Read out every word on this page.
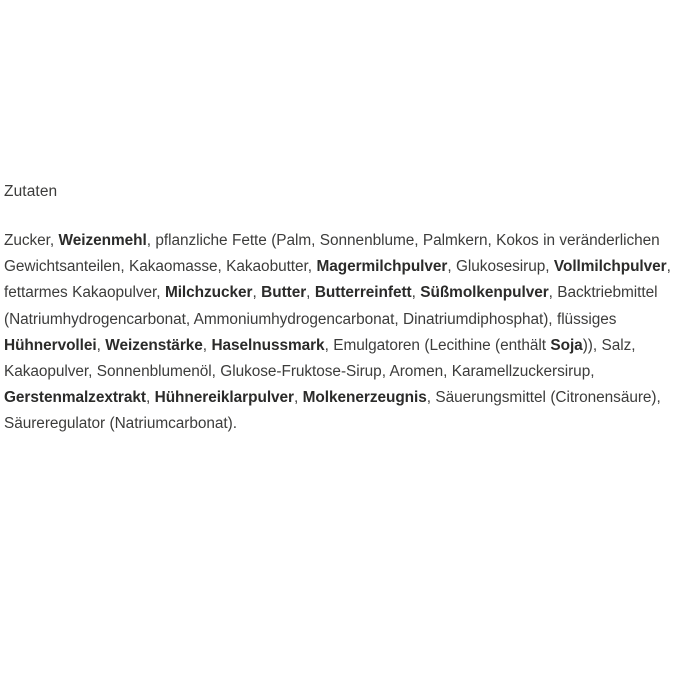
Zutaten
Zucker, Weizenmehl, pflanzliche Fette (Palm, Sonnenblume, Palmkern, Kokos in veränderlichen Gewichtsanteilen, Kakaomasse, Kakaobutter, Magermilchpulver, Glukosesirup, Vollmilchpulver, fettarmes Kakaopulver, Milchzucker, Butter, Butterreinfett, Süßmolkenpulver, Backtriebmittel (Natriumhydrogencarbonat, Ammoniumhydrogencarbonat, Dinatriumdiphosphat), flüssiges Hühnervollei, Weizenstärke, Haselnussmark, Emulgatoren (Lecithine (enthält Soja)), Salz, Kakaopulver, Sonnenblumenöl, Glukose-Fruktose-Sirup, Aromen, Karamellzuckersirup, Gerstenmalzextrakt, Hühnereiklarpulver, Molkenerzeugnis, Säuerungsmittel (Citronensäure), Säureregulator (Natriumcarbonat).
